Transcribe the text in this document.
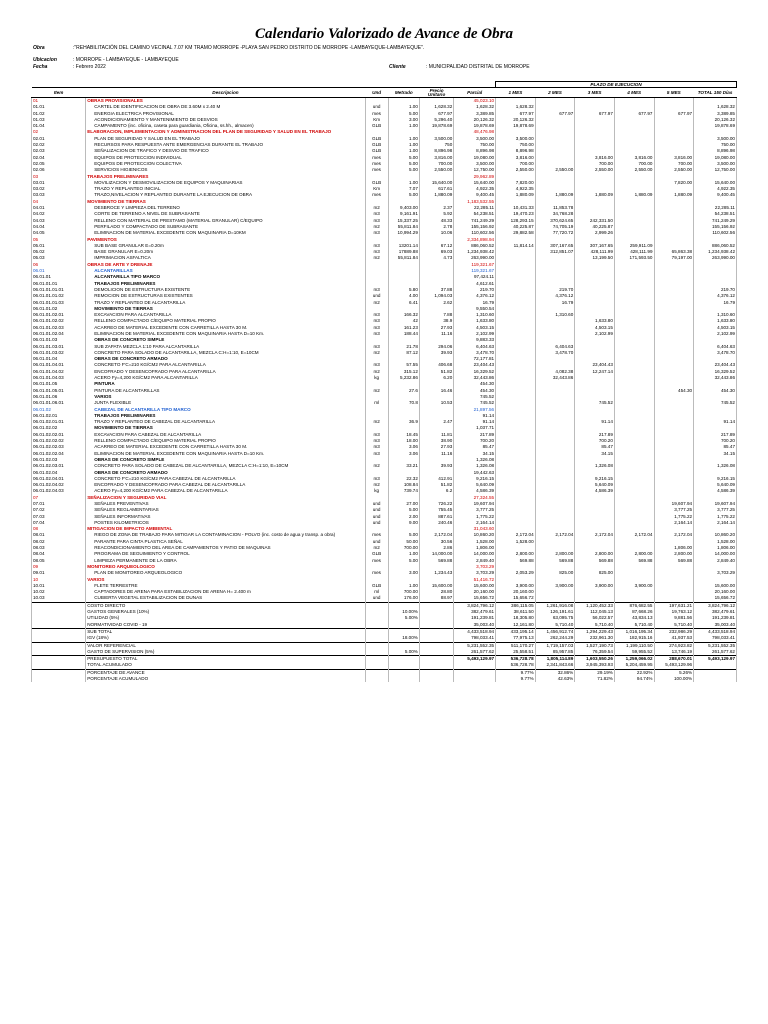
Calendario Valorizado de Avance de Obra
Obra	:"REHABILITACIÓN DEL CAMINO VECINAL 7.07 KM TRAMO MORROPE -PLAYA SAN PEDRO DISTRITO DE MORROPE -LAMBAYEQUE-LAMBAYEQUE".
Ubicacion	: MORROPE - LAMBAYEQUE - LAMBAYEQUE
Fecha	: Febrero 2022	Cliente	: MUNICIPALIDAD DISTRITAL DE MORROPE
						PLAZO DE EJECUCION					
Item	Descripcion	Und	Metrado	Precio Unitario	Parcial	1 MES	2 MES	3 MES	4 MES	5 MES	TOTAL 150 Días
01	OBRAS PROVISIONALES				45,023.10						
01.01	CARTEL DE IDENTIFICACION DE OBRA DE 3.60M x 2.40 M	und	1.00	1,628.32	1,628.32	1,628.32					1,628.32
01.02	ENERGIA ELECTRICA PROVISIONAL	mes	5.00	677.97	3,389.85	677.97	677.97	677.97	677.97	677.97	3,389.85
01.03	ACONDICIONAMIENTO Y MANTENIMIENTO DE DESVIOS	Km	3.00	5,296.40	20,126.32	20,126.32					20,126.32
01.04	CAMPAMENTO (inc. oficina, caseta para guardiania, Oficina, ss.hh., almacen)	GLB	1.00	19,878.69	19,878.69	19,878.69					19,878.69
02	ELABORACION, IMPLEMENTACION Y ADMINISTRACION DEL PLAN DE SEGURIDAD Y SALUD EN EL TRABAJO				48,476.98						
02.01	PLAN DE SEGURIDAD Y SALUD EN EL TRABAJO	GLB	1.00	3,500.00	3,500.00	3,500.00					3,500.00
02.02	RECURSOS PARA RESPUESTA ANTE EMERGENCIAS DURANTE EL TRABAJO	GLB	1.00	750	750.00	750.00					750.00
02.03	SEÑALIZACION DE TRAFICO Y DESVIO DE TRAFICO	GLB	1.00	8,896.98	8,896.98	8,896.98					8,896.98
02.04	EQUIPOS DE PROTECCION INDIVIDUAL	mes	5.00	3,816.00	19,080.00	3,816.00		3,816.00	3,816.00	3,816.00	19,080.00
02.05	EQUIPOS DE PROTECCION COLECTIVA	mes	5.00	700.00	3,500.00	700.00		700.00	700.00	700.00	3,500.00
02.06	SERVICIOS HIGIENICOS	mes	5.00	2,550.00	12,750.00	2,550.00	2,550.00	2,550.00	2,550.00	2,550.00	12,750.00
03	TRABAJOS PRELIMINARES				29,962.89						
03.01	MOVILIZACION Y DESMOVILIZACION DE EQUIPOS Y MAQUINARIAS	GLB	1.00	15,640.00	15,640.00	7,820.00				7,820.00	15,640.00
03.02	TRAZO Y REPLANTEO INICIAL	Km	7.07	617.61	4,922.35	4,922.35					4,922.35
03.03	TRAZO,NIVELACION Y REPLANTEO DURANTE LA EJECUCION DE OBRA	mes	5.00	1,880.09	9,400.45	1,880.09	1,880.09	1,880.09	1,880.09	1,880.09	9,400.45
04	MOVIMIENTO DE TIERRAS				1,183,532.55						
04.01	DESBROCE Y LIMPIEZA DEL TERRENO	m2	9,403.00	2.37	22,285.11	10,431.33	11,853.78				22,285.11
04.02	CORTE DE TERRENO A NIVEL DE SUBRASANTE	m3	9,161.91	5.92	54,238.51	19,470.23	34,768.28				54,238.51
04.03	RELLENO CON MATERIAL DE PRESTAMO (MATERIAL GRANULAR) C/EQUIPO	m3	15,337.25	48.33	741,249.29	128,293.15	370,624.65	242,331.50			741,249.29
04.04	PERFILADO Y COMPACTADO DE SUBRASANTE	m2	55,811.84	2.78	155,156.92	40,225.87	74,705.19	40,225.87			155,156.92
04.05	ELIMINACION DE MATERIAL EXCEDENTE CON MAQUINARIA D=10KM	m3	10,994.29	10.06	110,602.56	29,882.58	77,720.72	2,999.26			110,602.56
05	PAVIMENTOS				2,334,898.94						
05.01	SUB BASE GRANULAR E=0.20m	m3	13201.14	67.12	886,060.52	11,814.14	307,167.65	307,167.65	259,911.09		886,060.52
05.02	BASE GRANULAR E=0.20m	m3	17889.88	69.03	1,234,938.42		312,851.07	428,111.99	428,111.99	65,863.38	1,234,938.42
05.03	IMPRIMACION ASFALTICA	m2	55,811.84	4.73	263,990.00			13,199.50	171,593.50	79,197.00	263,990.00
06	OBRAS DE ARTE Y DRENAJE				119,321.67						
06.01	ALCANTARILLAS				119,321.67						
06.01.01	ALCANTARILLA TIPO MARCO				97,424.11						
06.01.01.01	TRABAJOS PRELIMINARES				4,612.61						
06.01.01.01.01	DEMOLICION DE ESTRUCTURA EXISTENTE	m3	5.80	37.88	219.70		219.70				219.70
06.01.01.01.02	REMOCION DE ESTRUCTURAS EXISTENTES	und	4.00	1,094.03	4,376.12		4,376.12				4,376.12
06.01.01.01.03	TRAZO Y REPLANTEO DE ALCANTARILLA	m2	6.41	2.62	16.79		16.79				16.79
06.01.01.02	MOVIMIENTO DE TIERRAS				9,550.54						
06.01.01.02.01	EXCAVACION PARA ALCANTARILLA	m3	166.32	7.88	1,310.60		1,310.60				1,310.60
06.01.01.02.02	RELLENO COMPACTADO C/EQUIPO MATERIAL PROPIO	m3	42	38.9	1,633.80			1,633.80			1,633.80
06.01.01.02.03	ACARREO DE MATERIAL EXCEDENTE CON CARRETILLA HASTA 30 M.	m3	161.23	27.93	4,503.15			4,503.15			4,503.15
06.01.01.02.04	ELIMINACION DE MATERIAL EXCEDENTE CON MAQUINARIA HASTA D=10 Km.	m3	188.44	11.16	2,102.99			2,102.99			2,102.99
06.01.01.03	OBRAS DE CONCRETO SIMPLE				9,883.33						
06.01.01.03.01	SUB ZAPATA MEZCLA 1:10 PARA ALCANTARILLA	m3	21.78	294.06	6,404.63		6,404.63				6,404.63
06.01.01.03.02	CONCRETO PARA SOLADO DE ALCANTARILLA, MEZCLA C:H=1:10, E=10CM	m2	87.12	39.93	3,478.70		3,478.70				3,478.70
06.01.01.04	OBRAS DE CONCRETO ARMADO				72,177.81						
06.01.01.04.01	CONCRETO F'C=210 KG/CM2 PARA ALCANTARILLA	m3	57.55	406.68	23,404.43			23,404.43			23,404.43
06.01.01.04.02	ENCOFRADO Y DESENCOFRADO PARA ALCANTARILLA	m2	315.12	51.82	16,329.52		4,082.38	12,247.14			16,329.52
06.01.01.04.03	ACERO Fy=4,200 KG/CM2 PARA ALCANTARILLA	kg	5,232.86	6.20	32,443.86		32,443.86				32,443.86
06.01.01.05	PINTURA				454.30						
06.01.01.05.01	PINTURA DE ALCANTARILLAS	m2	27.6	16.46	454.30					454.30	454.30
06.01.01.06	VARIOS				745.52						
06.01.01.06.01	JUNTA FLEXIBLE	ml	70.8	10.53	745.52			745.52			745.52
06.01.02	CABEZAL DE ALCANTARILLA TIPO MARCO				21,897.56						
06.01.02.01	TRABAJOS PRELIMINARES				91.14						
06.01.02.01.01	TRAZO Y REPLANTEO DE CABEZAL DE ALCANTARILLA	m2	36.9	2.47	91.14			91.14			91.14
06.01.02.02	MOVIMIENTO DE TIERRAS				1,037.71						
06.01.02.02.01	EXCAVACION PARA CABEZAL DE ALCANTARILLA	m3	18.45	11.81	217.89			217.89			217.89
06.01.02.02.02	RELLENO COMPACTADO C/EQUIPO MATERIAL PROPIO	m3	18.00	38.90	700.20			700.20			700.20
06.01.02.02.03	ACARREO DE MATERIAL EXCEDENTE CON CARRETILLA HASTA 30 M.	m3	3.06	27.93	85.47			85.47			85.47
06.01.02.02.04	ELIMINACION DE MATERIAL EXCEDENTE CON MAQUINARIA HASTA D=10 Km.	m3	3.06	11.16	34.15			34.15			34.15
06.01.02.03	OBRAS DE CONCRETO SIMPLE				1,326.08						
06.01.02.03.01	CONCRETO PARA SOLADO DE CABEZAL DE ALCANTARILLA, MEZCLA C:H=1:10, E=10CM	m2	33.21	39.93	1,326.08			1,326.08			1,326.08
06.01.02.04	OBRAS DE CONCRETO ARMADO				19,442.63						
06.01.02.04.01	CONCRETO F'C=210 KG/CM2 PARA CABEZAL DE ALCANTARILLA	m3	22.32	412.91	9,216.15			9,216.15			9,216.15
06.01.02.04.02	ENCOFRADO Y DESENCOFRADO PARA CABEZAL DE ALCANTARILLA	m2	108.84	51.82	5,640.09			5,640.09			5,640.09
06.01.02.04.03	ACERO Fy=4,200 KG/CM2 PARA CABEZAL DE ALCANTARILLA	kg	739.74	6.2	4,586.39			4,586.39			4,586.39
07	SEÑALIZACION Y SEGURIDAD VIAL				27,324.55						
07.01	SEÑALES PREVENTIVAS	und	27.00	726.22	19,607.94					19,607.94	19,607.94
07.02	SEÑALES REGLAMENTARIAS	und	5.00	755.45	3,777.25					3,777.25	3,777.25
07.03	SEÑALES INFORMATIVAS	und	2.00	887.61	1,775.22					1,775.22	1,775.22
07.04	POSTES KILOMETRICOS	und	9.00	240.46	2,164.14					2,164.14	2,164.14
08	MITIGACION DE IMPACTO AMBIENTAL				31,043.60						
08.01	RIEGO DE ZONA DE TRABAJO PARA MITIGAR LA CONTAMINACION - POLVO (inc. costo de agua y transp. a obra)	mes	5.00	2,172.04	10,860.20	2,172.04	2,172.04	2,172.04	2,172.04	2,172.04	10,860.20
08.02	PARANTE PARA CINTA PLASTICA SEÑAL	und	50.00	30.56	1,528.00	1,528.00					1,528.00
08.03	REACONDICIONAMIENTO DEL AREA DE CAMPAMENTOS Y PATIO DE MAQUINAS	m2	700.00	2.86	1,806.00					1,806.00	1,806.00
08.04	PROGRAMA DE SEGUIMIENTO Y CONTROL	GLB	1.00	14,000.00	14,000.00	2,800.00	2,800.00	2,800.00	2,800.00	2,800.00	14,000.00
08.05	LIMPIEZA PERMANENTE DE LA OBRA	mes	5.00	569.88	2,849.40	569.88	569.88	569.88	569.88	569.88	2,849.40
09	MONITOREO ARQUEOLOGICO				3,703.29						
09.01	PLAN DE MONITOREO ARQUEOLOGICO	mes	3.00	1,234.43	3,703.29	2,053.29	825.00	825.00			3,703.29
10	VARIOS				51,416.72						
10.01	FLETE TERRESTRE	GLB	1.00	15,600.00	15,600.00	3,900.00	3,900.00	3,900.00	3,900.00		15,600.00
10.02	CAPTADORES DE ARENA PARA ESTABILIZACION DE ARENA H= 2.400 m	ml	700.00	28.80	20,160.00	20,160.00					20,160.00
10.03	CUBIERTA VEGETAL ESTABILIZACION DE DUNAS	und	176.00	88.97	15,656.72	15,656.72					15,656.72
	COSTO DIRECTO				3,824,796.12	386,115.05	1,261,916.08	1,120,452.33	876,682.55	197,631.21	3,824,796.12
	GASTOS GENERALES (10%)		10.00%		382,479.61	38,611.50	126,191.61	112,045.13	87,668.26	19,763.12	382,479.61
	UTILIDAD (5%)		5.00%		191,239.81	18,305.80	63,095.75	56,022.57	43,834.13	9,881.56	191,239.81
	NORMATIVIDAD COVID - 19				35,003.40	12,161.80	5,710.40	5,710.40	5,710.40	5,710.40	35,003.40
	SUB TOTAL				4,433,518.94	433,195.14	1,456,912.74	1,294,229.43	1,016,195.34	232,986.29	4,433,518.94
	IGV (18%)		18.00%		798,033.41	77,975.13	262,244.29	232,961.30	182,915.16	41,937.53	798,033.41
	VALOR REFERENCIAL				5,231,552.35	511,170.27	1,719,157.03	1,527,190.73	1,199,110.50	274,923.82	5,231,552.35
	GASTO DE SUPERVISION (5%)		5.00%		261,577.62	25,558.51	85,957.85	76,359.54	59,955.52	13,746.19	261,577.62
	PRESUPUESTO TOTAL				5,493,129.97	536,728.78	1,805,114.89	1,603,550.26	1,259,066.02	288,670.01	5,493,129.97
	TOTAL ACUMULADO					536,728.78	2,341,843.66	3,945,393.93	5,204,459.95	5,493,129.96	
	PORCENTAJE DE AVANCE					9.77%	32.86%	29.19%	22.92%	5.26%	
	PORCENTAJE ACUMULADO					9.77%	42.63%	71.82%	94.74%	100.00%	
